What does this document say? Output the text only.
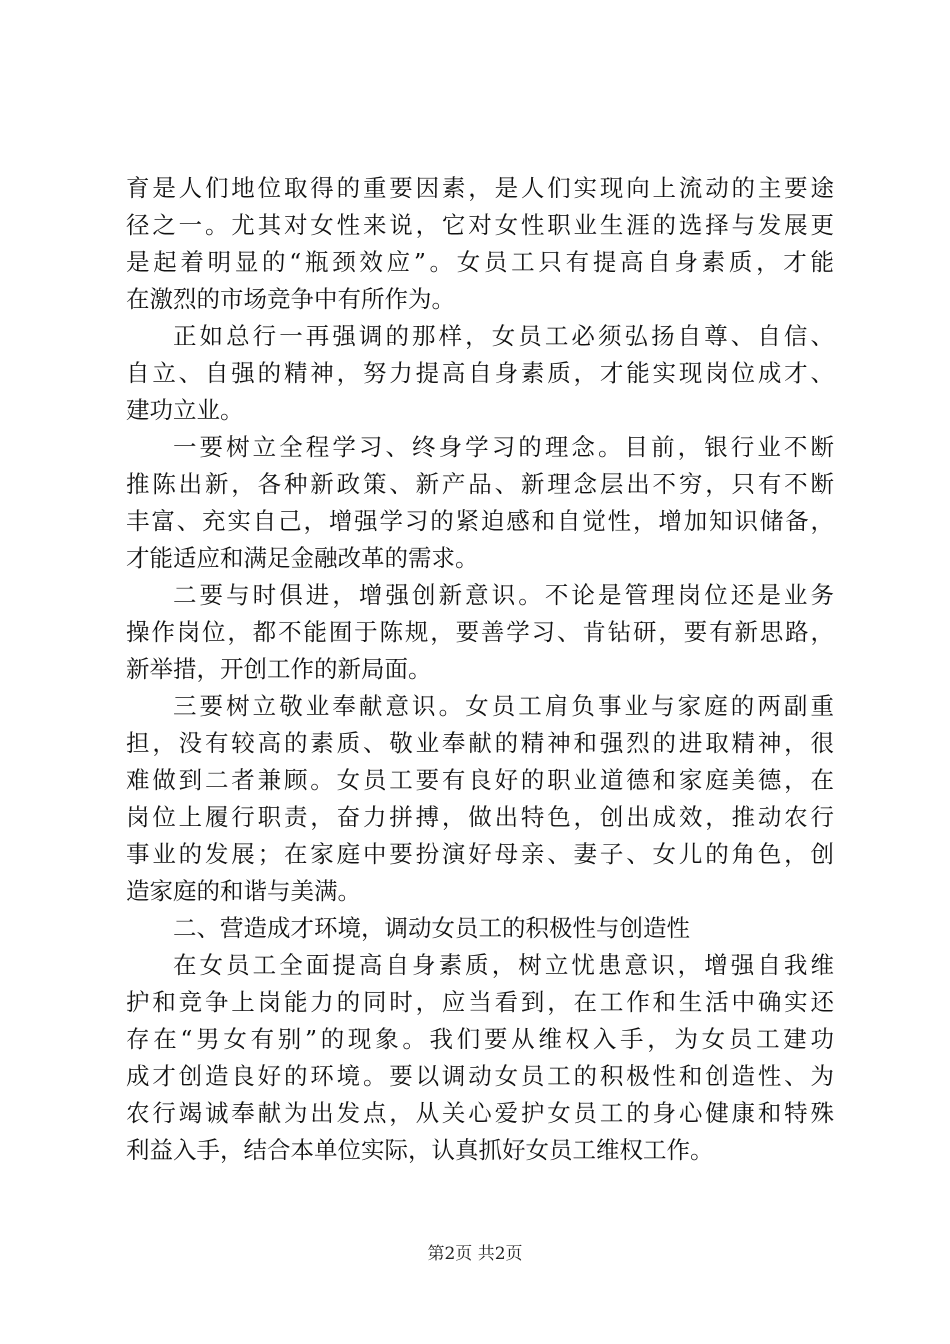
育是人们地位取得的重要因素，是人们实现向上流动的主要途
径之一。尤其对女性来说，它对女性职业生涯的选择与发展更
是起着明显的“瓶颈效应”。女员工只有提高自身素质，才能
在激烈的市场竞争中有所作为。
正如总行一再强调的那样，女员工必须弘扬自尊、自信、
自立、自强的精神，努力提高自身素质，才能实现岗位成才、
建功立业。
一要树立全程学习、终身学习的理念。目前，银行业不断
推陈出新，各种新政策、新产品、新理念层出不穷，只有不断
丰富、充实自己，增强学习的紧迫感和自觉性，增加知识储备，
才能适应和满足金融改革的需求。
二要与时俱进，增强创新意识。不论是管理岗位还是业务
操作岗位，都不能囿于陈规，要善学习、肯钻研，要有新思路，
新举措，开创工作的新局面。
三要树立敬业奉献意识。女员工肩负事业与家庭的两副重
担，没有较高的素质、敬业奉献的精神和强烈的进取精神，很
难做到二者兼顾。女员工要有良好的职业道德和家庭美德，在
岗位上履行职责，奋力拼搏，做出特色，创出成效，推动农行
事业的发展；在家庭中要扮演好母亲、妻子、女儿的角色，创
造家庭的和谐与美满。
二、营造成才环境，调动女员工的积极性与创造性
在女员工全面提高自身素质，树立忧患意识，增强自我维
护和竞争上岗能力的同时，应当看到，在工作和生活中确实还
存在“男女有别”的现象。我们要从维权入手，为女员工建功
成才创造良好的环境。要以调动女员工的积极性和创造性、为
农行竭诚奉献为出发点，从关心爱护女员工的身心健康和特殊
利益入手，结合本单位实际，认真抓好女员工维权工作。
第2页 共2页
